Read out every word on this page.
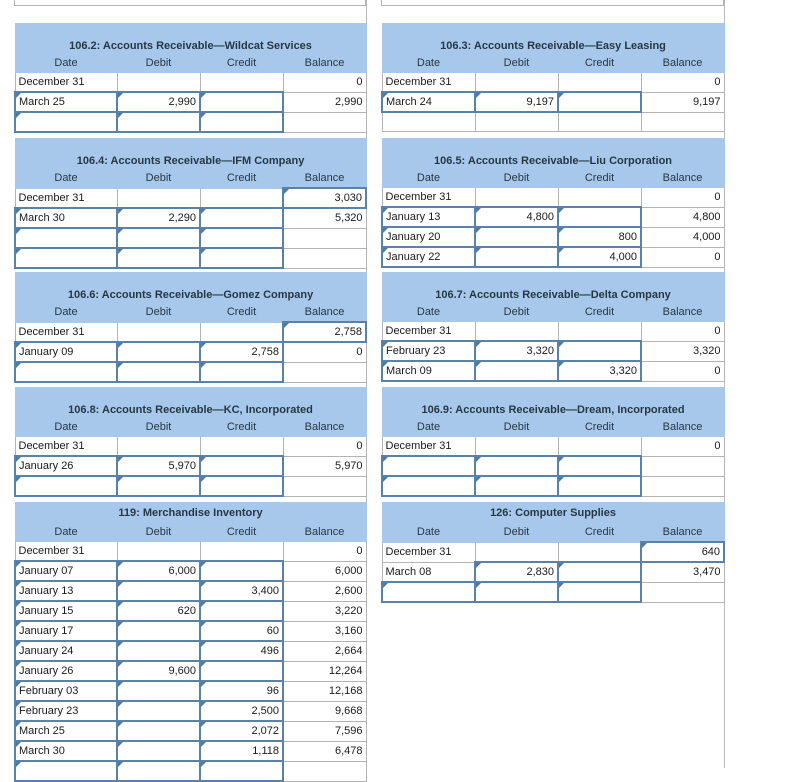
106.2: Accounts Receivable—Wildcat Services			
Date	Debit	Credit	Balance
December 31			0
March 25	2,990		2,990

106.3: Accounts Receivable—Easy Leasing			
Date	Debit	Credit	Balance
December 31			0
March 24	9,197		9,197

106.4: Accounts Receivable—IFM Company			
Date	Debit	Credit	Balance
December 31			3,030
March 30	2,290		5,320

106.5: Accounts Receivable—Liu Corporation			
Date	Debit	Credit	Balance
December 31			0
January 13	4,800		4,800
January 20		800	4,000
January 22		4,000	0
106.6: Accounts Receivable—Gomez Company			
Date	Debit	Credit	Balance
December 31			2,758
January 09		2,758	0

106.7: Accounts Receivable—Delta Company			
Date	Debit	Credit	Balance
December 31			0
February 23	3,320		3,320
March 09		3,320	0
106.8: Accounts Receivable—KC, Incorporated			
Date	Debit	Credit	Balance
December 31			0
January 26	5,970		5,970

106.9: Accounts Receivable—Dream, Incorporated			
Date	Debit	Credit	Balance
December 31			0

119: Merchandise Inventory			
Date	Debit	Credit	Balance
December 31			0
January 07	6,000		6,000
January 13		3,400	2,600
January 15	620		3,220
January 17		60	3,160
January 24		496	2,664
January 26	9,600		12,264
February 03		96	12,168
February 23		2,500	9,668
March 25		2,072	7,596
March 30		1,118	6,478

126: Computer Supplies			
Date	Debit	Credit	Balance
December 31			640
March 08	2,830		3,470
